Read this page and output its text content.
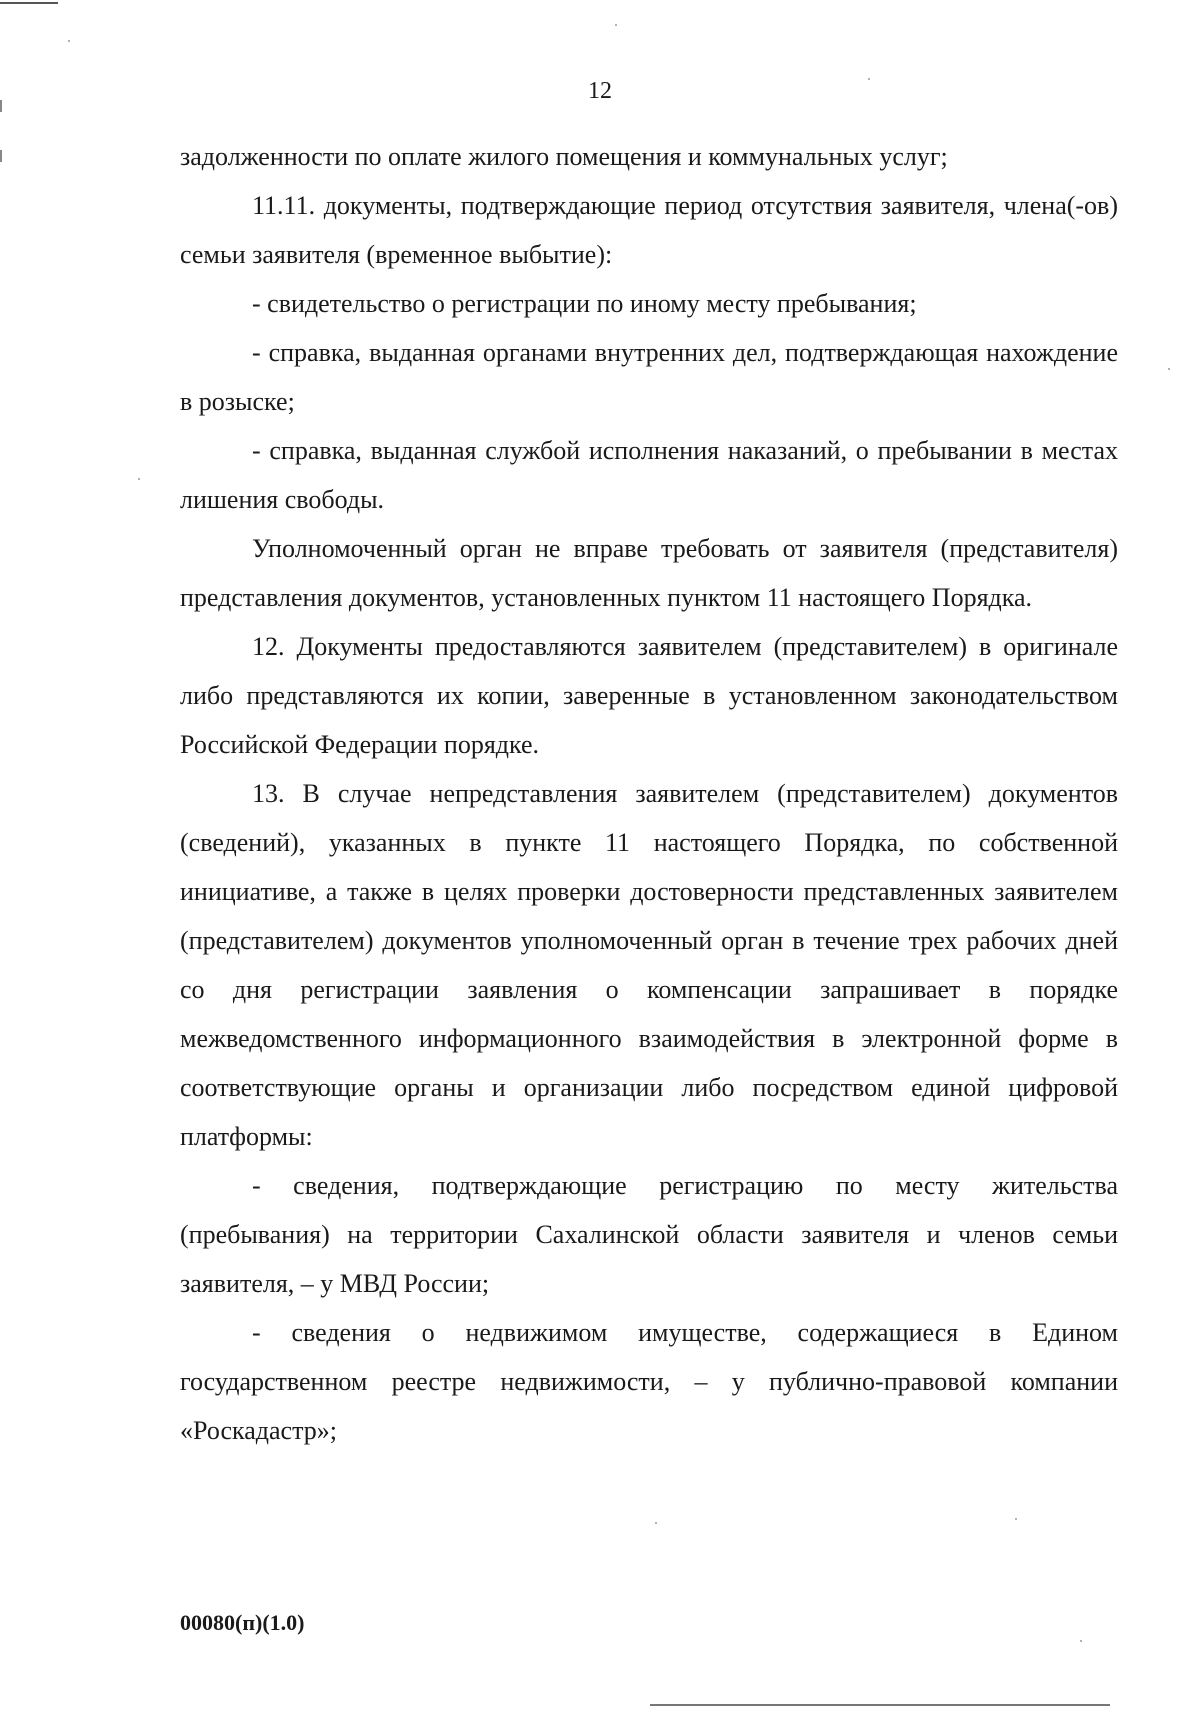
12

задолженности по оплате жилого помещения и коммунальных услуг;

11.11. документы, подтверждающие период отсутствия заявителя, члена(-ов) семьи заявителя (временное выбытие):

- свидетельство о регистрации по иному месту пребывания;

- справка, выданная органами внутренних дел, подтверждающая нахождение в розыске;

- справка, выданная службой исполнения наказаний, о пребывании в местах лишения свободы.

Уполномоченный орган не вправе требовать от заявителя (представителя) представления документов, установленных пунктом 11 настоящего Порядка.

12. Документы предоставляются заявителем (представителем) в оригинале либо представляются их копии, заверенные в установленном законодательством Российской Федерации порядке.

13. В случае непредставления заявителем (представителем) документов (сведений), указанных в пункте 11 настоящего Порядка, по собственной инициативе, а также в целях проверки достоверности представленных заявителем (представителем) документов уполномоченный орган в течение трех рабочих дней со дня регистрации заявления о компенсации запрашивает в порядке межведомственного информационного взаимодействия в электронной форме в соответствующие органы и организации либо посредством единой цифровой платформы:

- сведения, подтверждающие регистрацию по месту жительства (пребывания) на территории Сахалинской области заявителя и членов семьи заявителя, – у МВД России;

- сведения о недвижимом имуществе, содержащиеся в Едином государственном реестре недвижимости, – у публично-правовой компании «Роскадастр»;

00080(п)(1.0)
